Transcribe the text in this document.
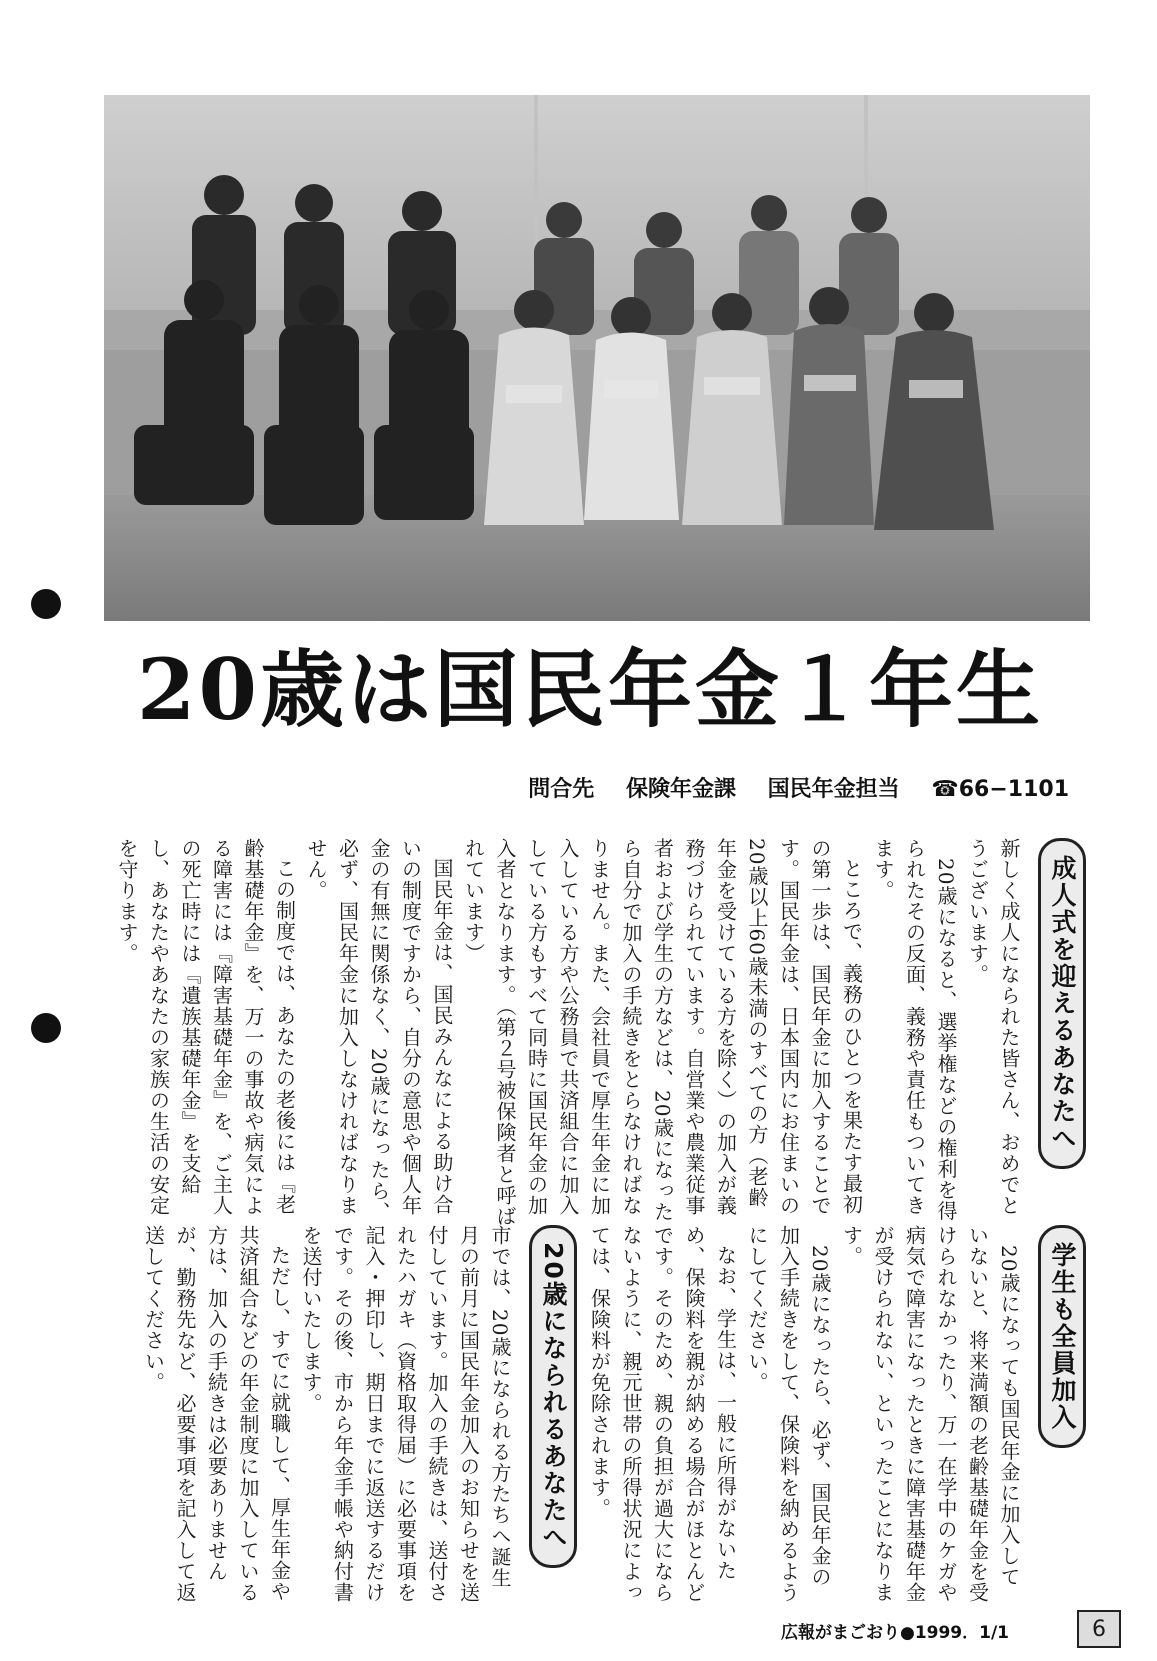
20歳は国民年金１年生
問合先 保険年金課 国民年金担当 ☎66−1101
成人式を迎えるあなたへ

新しく成人になられた皆さん、おめでとうございます。

20歳になると、選挙権などの権利を得られたその反面、義務や責任もついてきます。

ところで、義務のひとつを果たす最初の第一歩は、国民年金に加入することです。国民年金は、日本国内にお住まいの20歳以上60歳未満のすべての方（老齢年金を受けている方を除く）の加入が義務づけられています。自営業や農業従事者および学生の方などは、20歳になったら自分で加入の手続きをとらなければなりません。また、会社員で厚生年金に加入している方や公務員で共済組合に加入している方もすべて同時に国民年金の加入者となります。（第２号被保険者と呼ばれています）

国民年金は、国民みんなによる助け合いの制度ですから、自分の意思や個人年金の有無に関係なく、20歳になったら、必ず、国民年金に加入しなければなりません。

この制度では、あなたの老後には『老齢基礎年金』を、万一の事故や病気による障害には『障害基礎年金』を、ご主人の死亡時には『遺族基礎年金』を支給し、あなたやあなたの家族の生活の安定を守ります。

学生も全員加入

20歳になっても国民年金に加入していないと、将来満額の老齢基礎年金を受けられなかったり、万一在学中のケガや病気で障害になったときに障害基礎年金が受けられない、といったことになります。

20歳になったら、必ず、国民年金の加入手続きをして、保険料を納めるようにしてください。

なお、学生は、一般に所得がないため、保険料を親が納める場合がほとんどです。そのため、親の負担が過大にならないように、親元世帯の所得状況によっては、保険料が免除されます。

20歳になられるあなたへ

市では、20歳になられる方たちへ誕生月の前月に国民年金加入のお知らせを送付しています。加入の手続きは、送付されたハガキ（資格取得届）に必要事項を記入・押印し、期日までに返送するだけです。その後、市から年金手帳や納付書を送付いたします。

ただし、すでに就職して、厚生年金や共済組合などの年金制度に加入している方は、加入の手続きは必要ありませんが、勤務先など、必要事項を記入して返送してください。

広報がまごおり●1999．1/1	6
